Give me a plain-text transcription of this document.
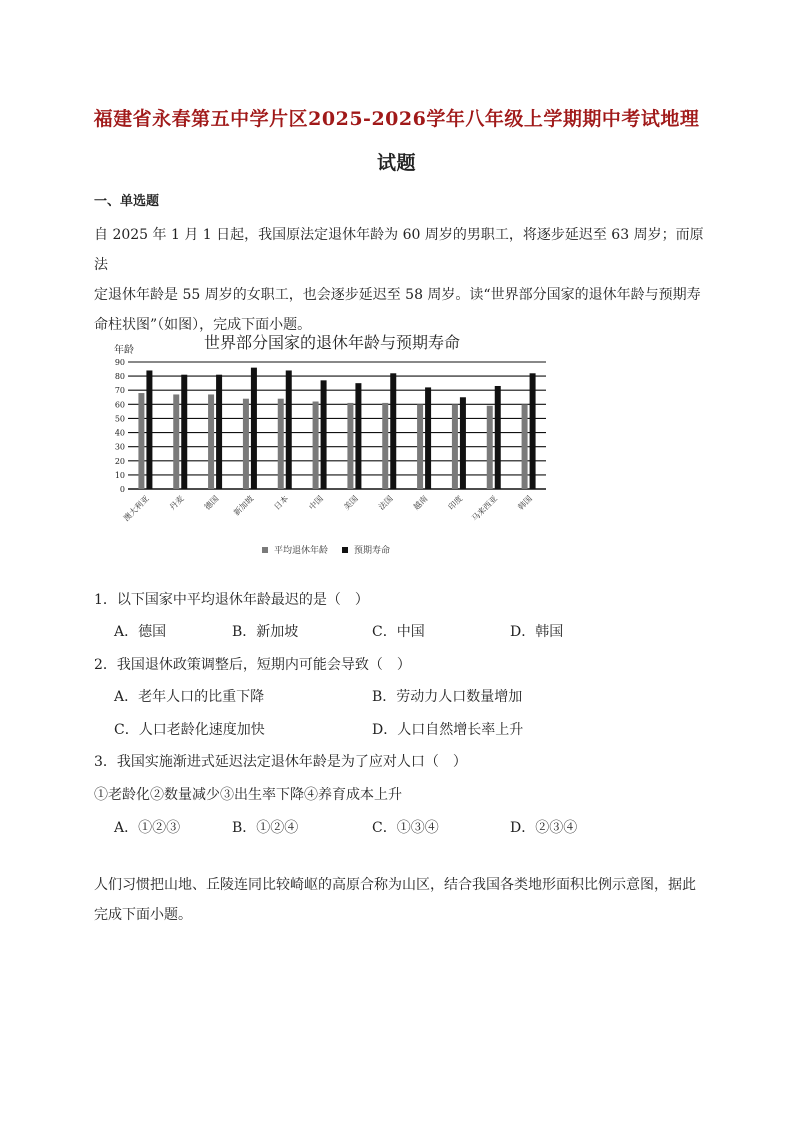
福建省永春第五中学片区2025-2026学年八年级上学期期中考试地理
试题
一、单选题
自 2025 年 1 月 1 日起，我国原法定退休年龄为 60 周岁的男职工，将逐步延迟至 63 周岁；而原法
定退休年龄是 55 周岁的女职工，也会逐步延迟至 58 周岁。读“世界部分国家的退休年龄与预期寿
命柱状图”（如图），完成下面小题。
世界部分国家的退休年龄与预期寿命
年龄
0
10
20
30
40
50
60
70
80
90
澳大利亚 丹麦 德国 新加坡 日本 中国 美国 法国 越南 印度 马来西亚 韩国
平均退休年龄	预期寿命
1．以下国家中平均退休年龄最迟的是（　）
A．德国	B．新加坡	C．中国	D．韩国
2．我国退休政策调整后，短期内可能会导致（　）
A．老年人口的比重下降	B．劳动力人口数量增加
C．人口老龄化速度加快	D．人口自然增长率上升
3．我国实施渐进式延迟法定退休年龄是为了应对人口（　）
①老龄化②数量减少③出生率下降④养育成本上升
A．①②③	B．①②④	C．①③④	D．②③④
人们习惯把山地、丘陵连同比较崎岖的高原合称为山区，结合我国各类地形面积比例示意图，据此
完成下面小题。
